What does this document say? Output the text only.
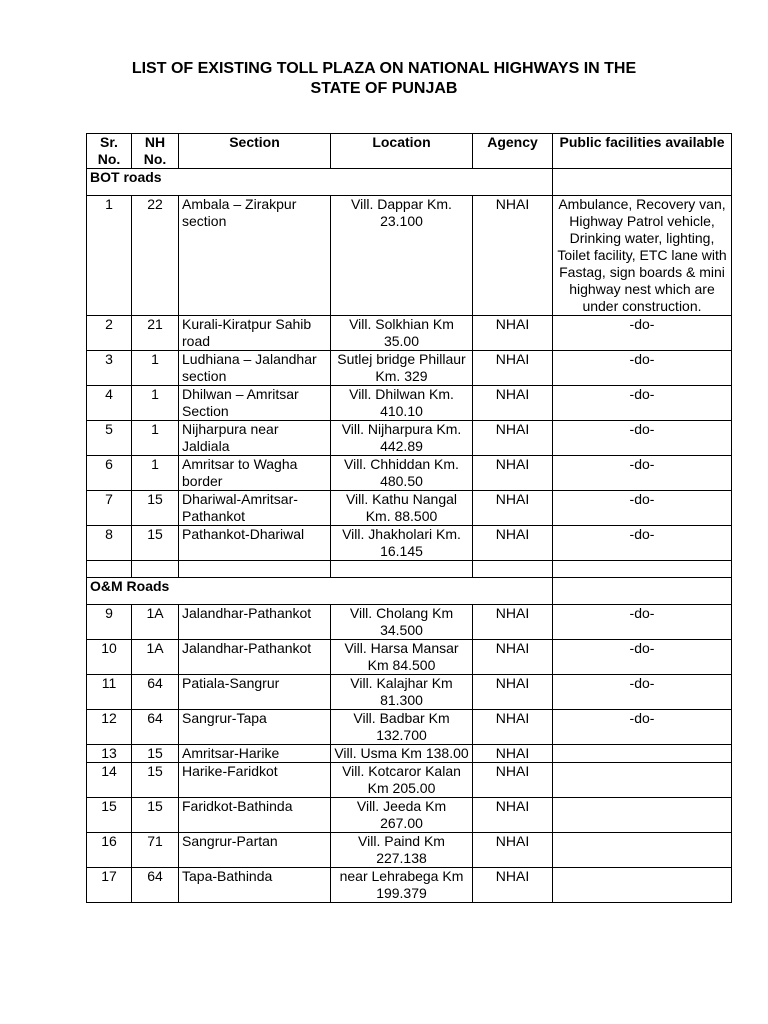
LIST OF EXISTING TOLL PLAZA ON NATIONAL HIGHWAYS IN THE
STATE OF PUNJAB
Sr. No.	NH No.	Section	Location	Agency	Public facilities available
BOT roads					
1	22	Ambala – Zirakpur section	Vill. Dappar Km. 23.100	NHAI	Ambulance, Recovery van, Highway Patrol vehicle, Drinking water, lighting, Toilet facility, ETC lane with Fastag, sign boards & mini highway nest which are under construction.
2	21	Kurali-Kiratpur Sahib road	Vill. Solkhian Km 35.00	NHAI	-do-
3	1	Ludhiana – Jalandhar section	Sutlej bridge Phillaur Km. 329	NHAI	-do-
4	1	Dhilwan – Amritsar Section	Vill. Dhilwan Km. 410.10	NHAI	-do-
5	1	Nijharpura near Jaldiala	Vill. Nijharpura Km. 442.89	NHAI	-do-
6	1	Amritsar to Wagha border	Vill. Chhiddan Km. 480.50	NHAI	-do-
7	15	Dhariwal-Amritsar-Pathankot	Vill. Kathu Nangal Km. 88.500	NHAI	-do-
8	15	Pathankot-Dhariwal	Vill. Jhakholari Km. 16.145	NHAI	-do-

O&M Roads					
9	1A	Jalandhar-Pathankot	Vill. Cholang Km 34.500	NHAI	-do-
10	1A	Jalandhar-Pathankot	Vill. Harsa Mansar Km 84.500	NHAI	-do-
11	64	Patiala-Sangrur	Vill. Kalajhar Km 81.300	NHAI	-do-
12	64	Sangrur-Tapa	Vill. Badbar Km 132.700	NHAI	-do-
13	15	Amritsar-Harike	Vill. Usma Km 138.00	NHAI	
14	15	Harike-Faridkot	Vill. Kotcaror Kalan Km 205.00	NHAI	
15	15	Faridkot-Bathinda	Vill. Jeeda Km 267.00	NHAI	
16	71	Sangrur-Partan	Vill. Paind Km 227.138	NHAI	
17	64	Tapa-Bathinda	near Lehrabega Km 199.379	NHAI	
